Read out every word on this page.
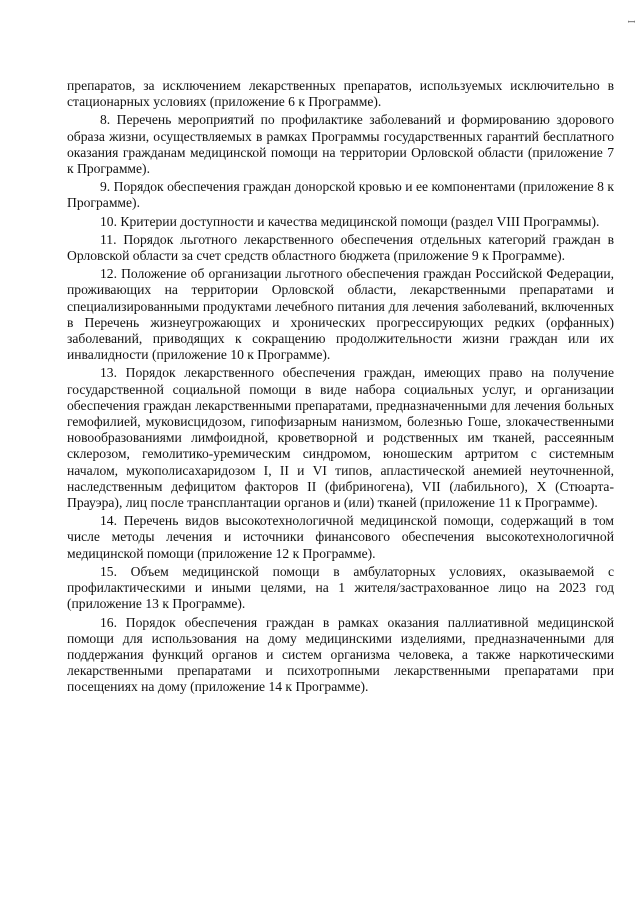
I

препаратов, за исключением лекарственных препаратов, используемых исключительно в стационарных условиях (приложение 6 к Программе).

8. Перечень мероприятий по профилактике заболеваний и формированию здорового образа жизни, осуществляемых в рамках Программы государственных гарантий бесплатного оказания гражданам медицинской помощи на территории Орловской области (приложение 7 к Программе).

9. Порядок обеспечения граждан донорской кровью и ее компонентами (приложение 8 к Программе).

10. Критерии доступности и качества медицинской помощи (раздел VIII Программы).

11. Порядок льготного лекарственного обеспечения отдельных категорий граждан в Орловской области за счет средств областного бюджета (приложение 9 к Программе).

12. Положение об организации льготного обеспечения граждан Российской Федерации, проживающих на территории Орловской области, лекарственными препаратами и специализированными продуктами лечебного питания для лечения заболеваний, включенных в Перечень жизнеугрожающих и хронических прогрессирующих редких (орфанных) заболеваний, приводящих к сокращению продолжительности жизни граждан или их инвалидности (приложение 10 к Программе).

13. Порядок лекарственного обеспечения граждан, имеющих право на получение государственной социальной помощи в виде набора социальных услуг, и организации обеспечения граждан лекарственными препаратами, предназначенными для лечения больных гемофилией, муковисцидозом, гипофизарным нанизмом, болезнью Гоше, злокачественными новообразованиями лимфоидной, кроветворной и родственных им тканей, рассеянным склерозом, гемолитико-уремическим синдромом, юношеским артритом с системным началом, мукополисахаридозом I, II и VI типов, апластической анемией неуточненной, наследственным дефицитом факторов II (фибриногена), VII (лабильного), X (Стюарта-Прауэра), лиц после трансплантации органов и (или) тканей (приложение 11 к Программе).

14. Перечень видов высокотехнологичной медицинской помощи, содержащий в том числе методы лечения и источники финансового обеспечения высокотехнологичной медицинской помощи (приложение 12 к Программе).

15. Объем медицинской помощи в амбулаторных условиях, оказываемой с профилактическими и иными целями, на 1 жителя/застрахованное лицо на 2023 год (приложение 13 к Программе).

16. Порядок обеспечения граждан в рамках оказания паллиативной медицинской помощи для использования на дому медицинскими изделиями, предназначенными для поддержания функций органов и систем организма человека, а также наркотическими лекарственными препаратами и психотропными лекарственными препаратами при посещениях на дому (приложение 14 к Программе).
